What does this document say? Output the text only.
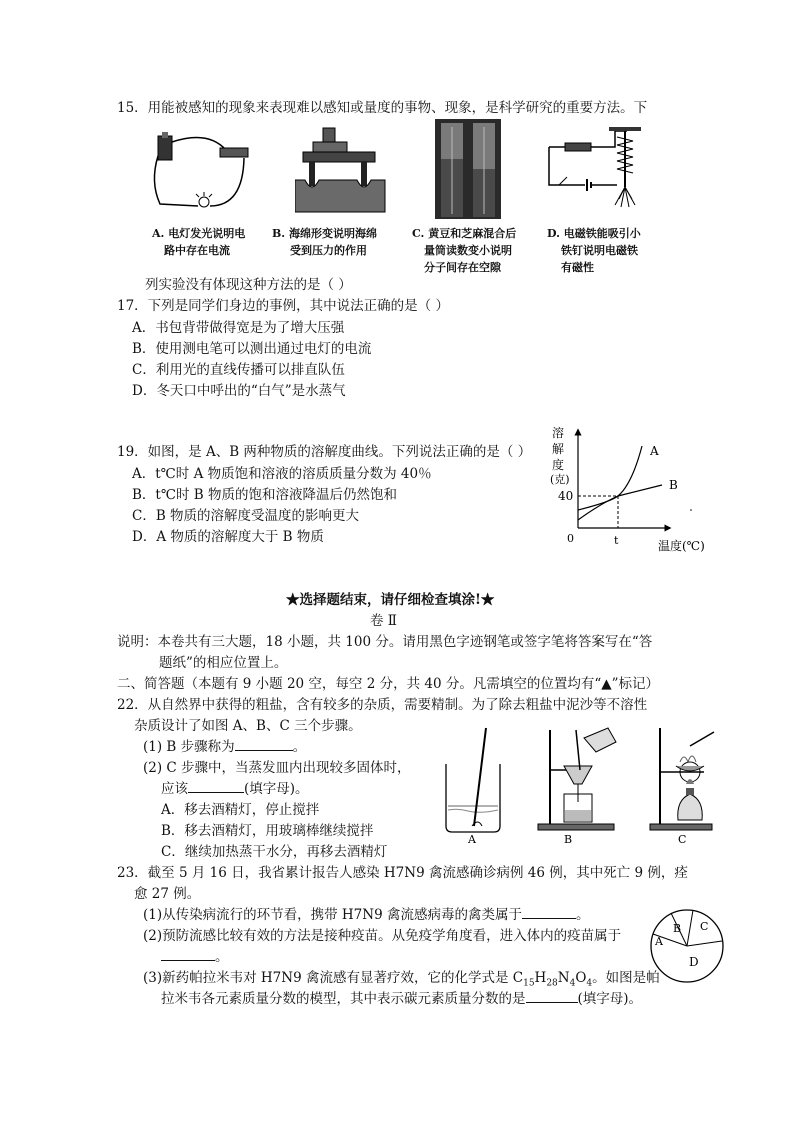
15．用能被感知的现象来表现难以感知或量度的事物、现象，是科学研究的重要方法。下
A. 电灯发光说明电
路中存在电流
B. 海绵形变说明海绵
受到压力的作用
C. 黄豆和芝麻混合后
量筒读数变小说明
分子间存在空隙
D. 电磁铁能吸引小
铁钉说明电磁铁
有磁性
列实验没有体现这种方法的是（ ）
17．下列是同学们身边的事例，其中说法正确的是（ ）
A．书包背带做得宽是为了增大压强
B．使用测电笔可以测出通过电灯的电流
C．利用光的直线传播可以排直队伍
D．冬天口中呼出的“白气”是水蒸气
19．如图，是 A、B 两种物质的溶解度曲线。下列说法正确的是（ ）
A．t℃时 A 物质饱和溶液的溶质质量分数为 40％
B．t℃时 B 物质的饱和溶液降温后仍然饱和
C．B 物质的溶解度受温度的影响更大
D．A 物质的溶解度大于 B 物质
溶
解
度
(克)
40
0	t	温度(℃)
A
B
★选择题结束，请仔细检查填涂!★
卷 Ⅱ
说明：本卷共有三大题，18 小题，共 100 分。请用黑色字迹钢笔或签字笔将答案写在“答
题纸”的相应位置上。
二、简答题（本题有 9 小题 20 空，每空 2 分，共 40 分。凡需填空的位置均有“▲”标记）
22．从自然界中获得的粗盐，含有较多的杂质，需要精制。为了除去粗盐中泥沙等不溶性
杂质设计了如图 A、B、C 三个步骤。
(1) B 步骤称为	。
(2) C 步骤中，当蒸发皿内出现较多固体时，
应该	(填字母)。
A．移去酒精灯，停止搅拌
B．移去酒精灯，用玻璃棒继续搅拌
C．继续加热蒸干水分，再移去酒精灯
A	B	C
23．截至 5 月 16 日，我省累计报告人感染 H7N9 禽流感确诊病例 46 例，其中死亡 9 例，痊
愈 27 例。
(1)从传染病流行的环节看，携带 H7N9 禽流感病毒的禽类属于	。
(2)预防流感比较有效的方法是接种疫苗。从免疫学角度看，进入体内的疫苗属于
。
(3)新药帕拉米韦对 H7N9 禽流感有显著疗效，它的化学式是 $C_{15}H_{28}N_4O_4$。如图是帕
拉米韦各元素质量分数的模型，其中表示碳元素质量分数的是	(填字母)。
A
B C
D
